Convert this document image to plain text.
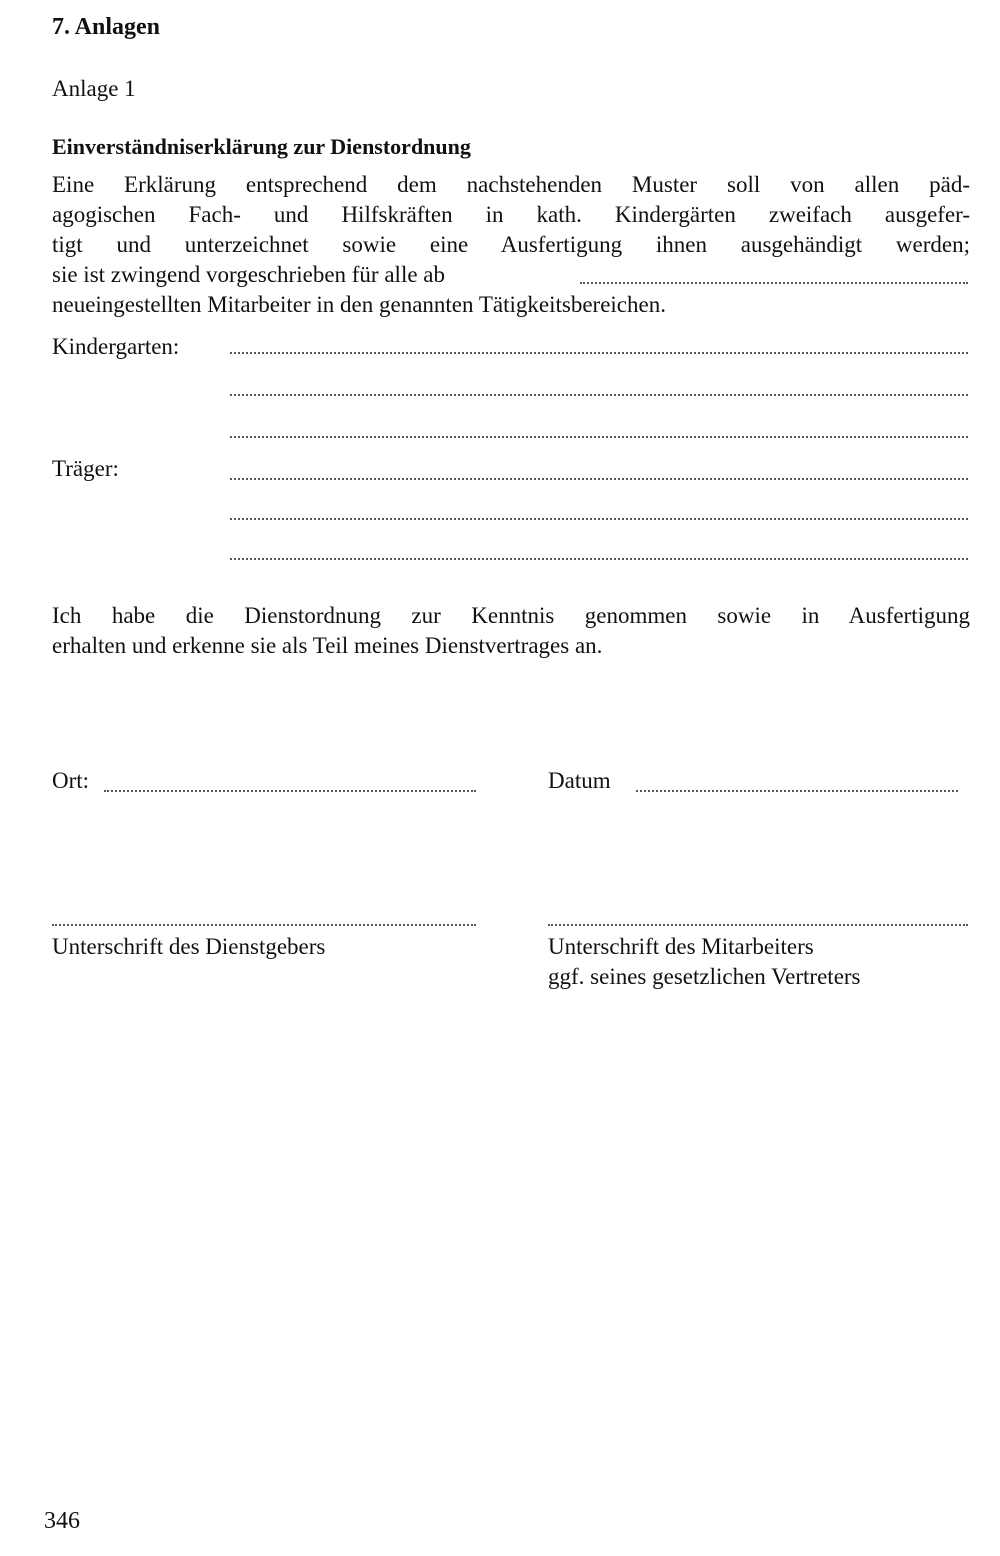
7. Anlagen
Anlage 1
Einverständniserklärung zur Dienstordnung
Eine Erklärung entsprechend dem nachstehenden Muster soll von allen päd-
agogischen Fach- und Hilfskräften in kath. Kindergärten zweifach ausgefer-
tigt und unterzeichnet sowie eine Ausfertigung ihnen ausgehändigt werden;
sie ist zwingend vorgeschrieben für alle ab
neueingestellten Mitarbeiter in den genannten Tätigkeitsbereichen.
Kindergarten:
Träger:
Ich habe die Dienstordnung zur Kenntnis genommen sowie in Ausfertigung
erhalten und erkenne sie als Teil meines Dienstvertrages an.
Ort:	Datum
Unterschrift des Dienstgebers	Unterschrift des Mitarbeiters
ggf. seines gesetzlichen Vertreters
346
